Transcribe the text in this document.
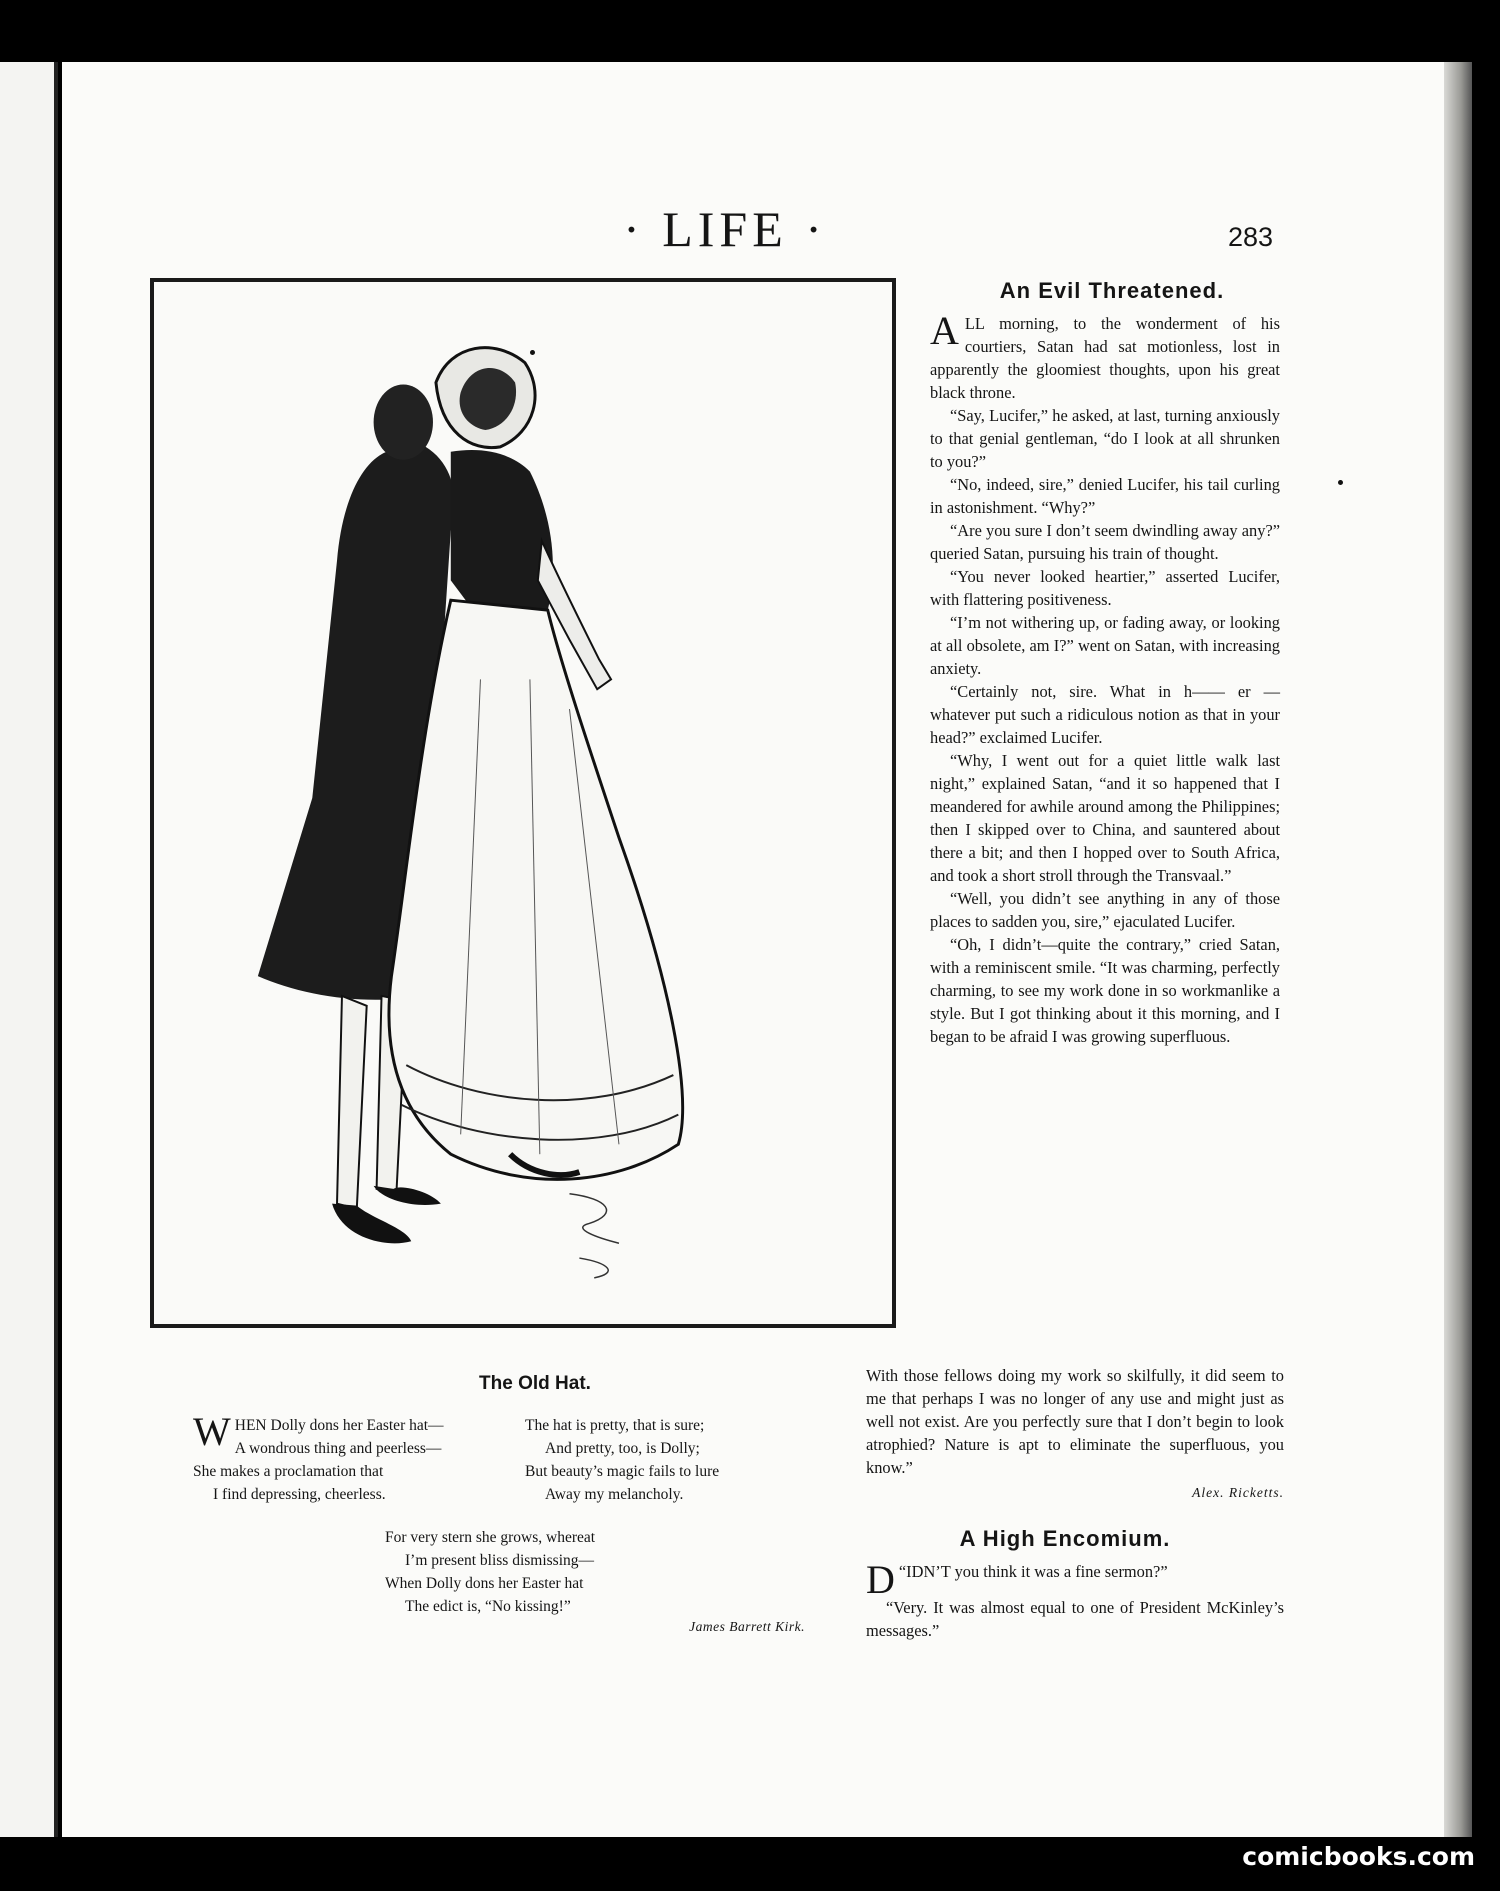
· LIFE ·	283
An Evil Threatened.

ALL morning, to the wonderment of his courtiers, Satan had sat motionless, lost in apparently the gloomiest thoughts, upon his great black throne.

“Say, Lucifer,” he asked, at last, turning anxiously to that genial gentleman, “do I look at all shrunken to you?”

“No, indeed, sire,” denied Lucifer, his tail curling in astonishment. “Why?”

“Are you sure I don’t seem dwindling away any?” queried Satan, pursuing his train of thought.

“You never looked heartier,” asserted Lucifer, with flattering positiveness.

“I’m not withering up, or fading away, or looking at all obsolete, am I?” went on Satan, with increasing anxiety.

“Certainly not, sire. What in h—— er — whatever put such a ridiculous notion as that in your head?” exclaimed Lucifer.

“Why, I went out for a quiet little walk last night,” explained Satan, “and it so happened that I meandered for awhile around among the Philippines; then I skipped over to China, and sauntered about there a bit; and then I hopped over to South Africa, and took a short stroll through the Transvaal.”

“Well, you didn’t see anything in any of those places to sadden you, sire,” ejaculated Lucifer.

“Oh, I didn’t—quite the contrary,” cried Satan, with a reminiscent smile. “It was charming, perfectly charming, to see my work done in so workmanlike a style. But I got thinking about it this morning, and I began to be afraid I was growing superfluous.

With those fellows doing my work so skilfully, it did seem to me that perhaps I was no longer of any use and might just as well not exist. Are you perfectly sure that I don’t begin to look atrophied? Nature is apt to eliminate the superfluous, you know.”

Alex. Ricketts.

The Old Hat.
W HEN Dolly dons her Easter hat—
A wondrous thing and peerless—
She makes a proclamation that
I find depressing, cheerless.
The hat is pretty, that is sure;
And pretty, too, is Dolly;
But beauty’s magic fails to lure
Away my melancholy.
For very stern she grows, whereat
I’m present bliss dismissing—
When Dolly dons her Easter hat
The edict is, “No kissing!”
James Barrett Kirk.
A High Encomium.

“
D IDN’T you think it was a fine sermon?”

“Very. It was almost equal to one of President McKinley’s messages.”

comicbooks.com
